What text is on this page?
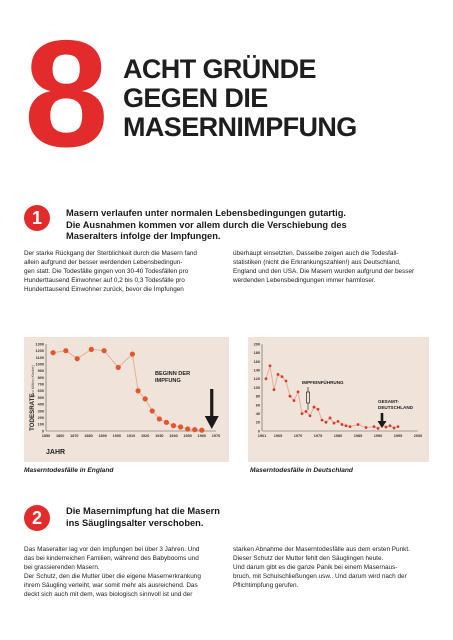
8 ACHT GRÜNDE
GEGEN DIE
MASERNIMPFUNG
1	Masern verlaufen unter normalen Lebensbedingungen gutartig.
Die Ausnahmen kommen vor allem durch die Verschiebung des
Maseralters infolge der Impfungen.
Der starke Rückgang der Sterblichkeit durch die Masern fand
allein aufgrund der besser werdenden Lebensbedingun-
gen statt. Die Todesfälle gingen von 30-40 Todesfällen pro
Hunderttausend Einwohner auf 0,2 bis 0,3 Todesfälle pro
Hunderttausend Einwohner zurück, bevor die Impfungen
überhaupt einsetzten. Dasselbe zeigen auch die Todesfall-
statistiken (nicht die Erkrankungszahlen!) aus Deutschland,
England und den USA. Die Masern wurden aufgrund der besser
werdenden Lebensbedingungen immer harmloser.
0
100
200
300
400
500
600
700
800
900
1000
1100
1200
1300
1850 1860 1870 1880 1890 1900 1910 1920 1930 1940 1950 1960 1970
TODESRATE
(pro Million Kinder)
JAHR
BEGINN DER
IMPFUNG
0
20
40
60
80
100
120
140
160
180
200
1961 1965	1970	1975	1980	1985	1990	1995	2000
IMPFEINFÜHRUNG
GESAMT-
DEUTSCHLAND
Maserntodesfälle in England	Maserntodesfälle in Deutschland
2	Die Masernimpfung hat die Masern
ins Säuglingsalter verschoben.
Das Maseralter lag vor den Impfungen bei über 3 Jahren. Und
das bei kinderreichen Familien, während des Babybooms und
bei grassierenden Masern.
Der Schutz, den die Mutter über die eigene Masernerkrankung
ihrem Säugling verleiht, war somit mehr als ausreichend. Das
deckt sich auch mit dem, was biologisch sinnvoll ist und der
starken Abnahme der Maserntodesfälle aus dem ersten Punkt.
Dieser Schutz der Mutter fehlt den Säuglingen heute.
Und darum gibt es die ganze Panik bei einem Masernaus-
bruch, mit Schulschließungen usw.. Und darum wird nach der
Pflichtimpfung gerufen.
